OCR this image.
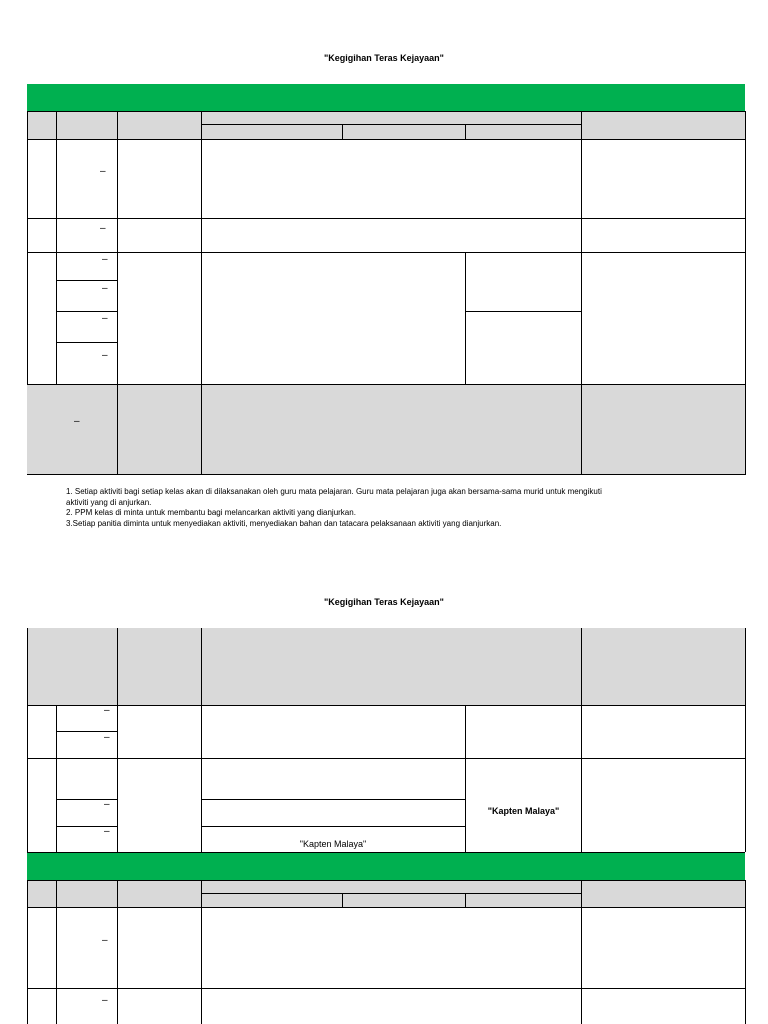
"Kegigihan Teras Kejayaan"
–
–
–
–
–
–
–
1. Setiap aktiviti bagi setiap kelas akan di dilaksanakan oleh guru mata pelajaran. Guru mata pelajaran juga akan bersama-sama murid untuk mengikuti
aktiviti yang di anjurkan.
2. PPM kelas di minta untuk membantu bagi melancarkan aktiviti yang dianjurkan.
3.Setiap panitia diminta untuk menyediakan aktiviti, menyediakan bahan dan tatacara pelaksanaan aktiviti yang dianjurkan.
"Kegigihan Teras Kejayaan"
–
–
–
–
–
–
"Kapten Malaya"
"Kapten Malaya"
